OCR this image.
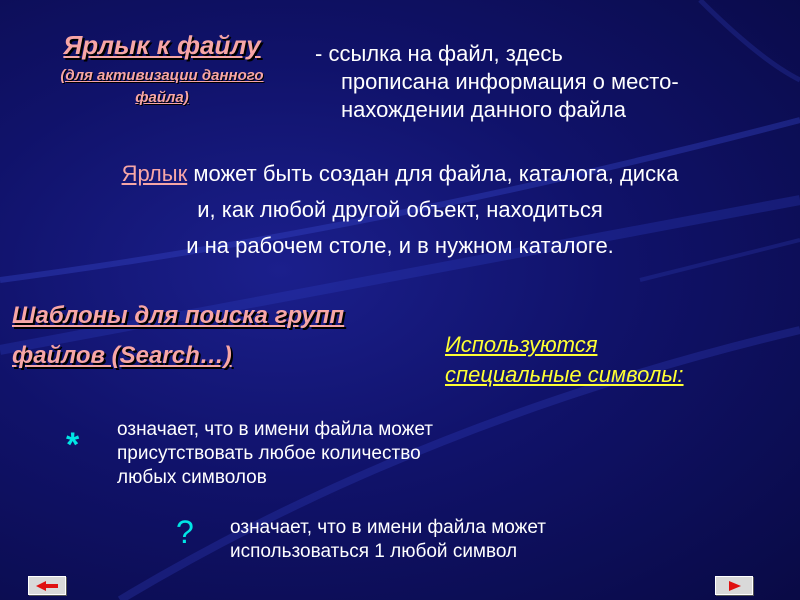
Ярлык к файлу
(для активизации данного
файла)
- ссылка на файл, здесь
прописана информация о место-
нахождении данного файла
Ярлык может быть создан для файла, каталога, диска
и, как любой другой объект, находиться
и на рабочем столе, и в нужном каталоге.
Шаблоны для поиска групп
файлов (Search…)	Используются
специальные символы:
* означает, что в имени файла может
присутствовать любое количество
любых символов
? означает, что в имени файла может
использоваться 1 любой символ
